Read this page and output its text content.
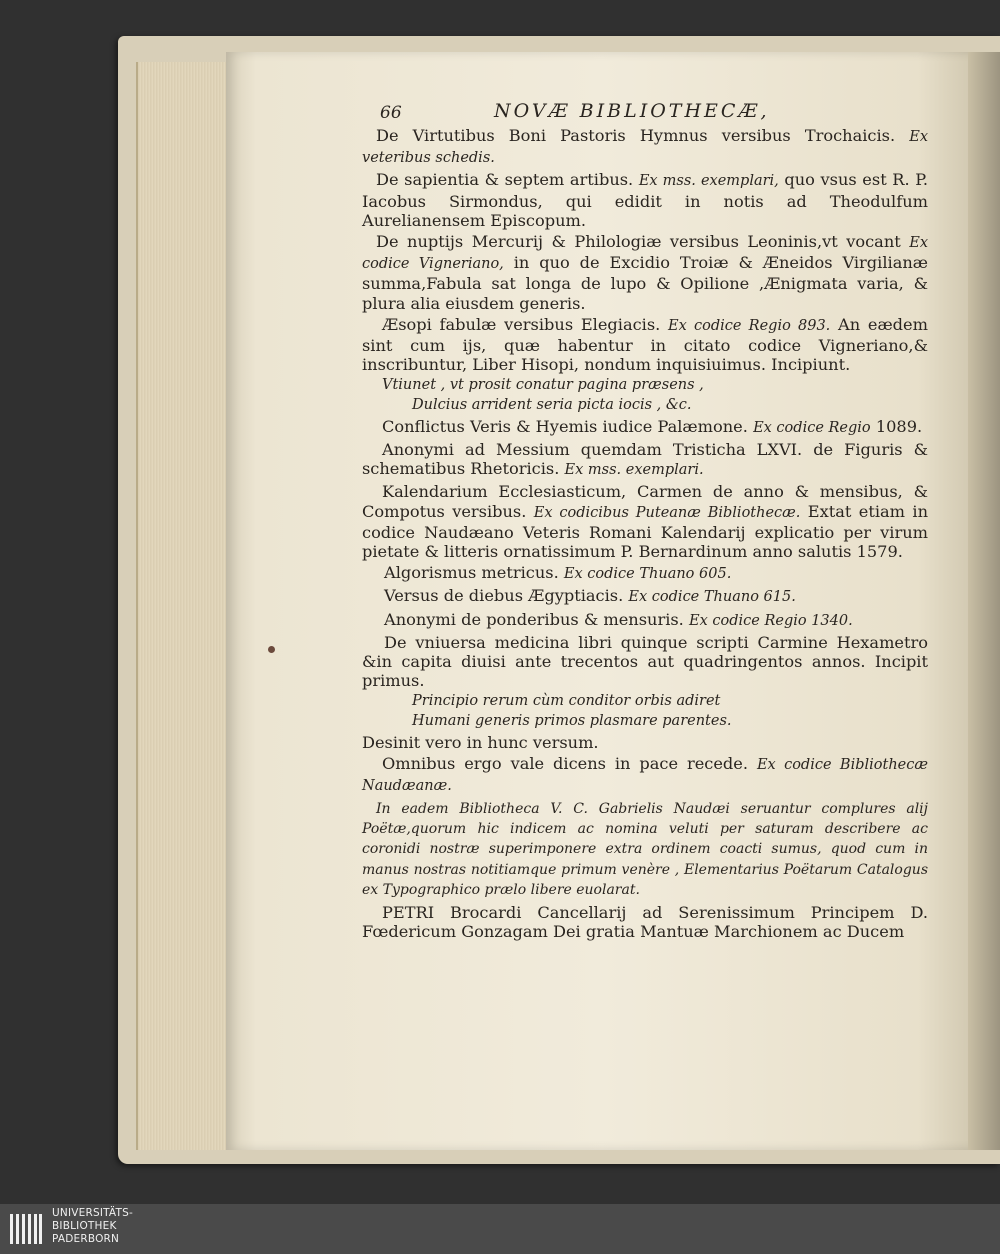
66	NOVÆ BIBLIOTHECÆ,

De Virtutibus Boni Pastoris Hymnus versibus Trochaicis. Ex veteribus schedis.

De sapientia & septem artibus. Ex mss. exemplari, quo vsus est R. P. Iacobus Sirmondus, qui edidit in notis ad Theodulfum Aurelianensem Episcopum.

De nuptijs Mercurij & Philologiæ versibus Leoninis,vt vocant Ex codice Vigneriano, in quo de Excidio Troiæ & Æneidos Virgilianæ summa,Fabula sat longa de lupo & Opilione ,Ænigmata varia, & plura alia eiusdem generis.

Æsopi fabulæ versibus Elegiacis. Ex codice Regio 893. An eædem sint cum ijs, quæ habentur in citato codice Vigneriano,& inscribuntur, Liber Hisopi, nondum inquisiuimus. Incipiunt.

Vtiunet , vt prosit conatur pagina præsens ,
Dulcius arrident seria picta iocis , &c.

Conflictus Veris & Hyemis iudice Palæmone. Ex codice Regio 1089.

Anonymi ad Messium quemdam Tristicha LXVI. de Figuris & schematibus Rhetoricis. Ex mss. exemplari.

Kalendarium Ecclesiasticum, Carmen de anno & mensibus, & Compotus versibus. Ex codicibus Puteanæ Bibliothecæ. Extat etiam in codice Naudæano Veteris Romani Kalendarij explicatio per virum pietate & litteris ornatissimum P. Bernardinum anno salutis 1579.

Algorismus metricus. Ex codice Thuano 605.

Versus de diebus Ægyptiacis. Ex codice Thuano 615.

Anonymi de ponderibus & mensuris. Ex codice Regio 1340.

De vniuersa medicina libri quinque scripti Carmine Hexametro &in capita diuisi ante trecentos aut quadringentos annos. Incipit primus.

Principio rerum cùm conditor orbis adiret
Humani generis primos plasmare parentes.

Desinit vero in hunc versum.

Omnibus ergo vale dicens in pace recede. Ex codice Bibliothecæ Naudæanæ.

In eadem Bibliotheca V. C. Gabrielis Naudæi seruantur complures alij Poëtæ,quorum hic indicem ac nomina veluti per saturam describere ac coronidi nostræ superimponere extra ordinem coacti sumus, quod cum in manus nostras notitiamque primum venère , Elementarius Poëtarum Catalogus ex Typographico prælo libere euolarat.

PETRI Brocardi Cancellarij ad Serenissimum Principem D. Fœdericum Gonzagam Dei gratia Mantuæ Marchionem ac Ducem

UNIVERSITÄTS-
BIBLIOTHEK
PADERBORN
